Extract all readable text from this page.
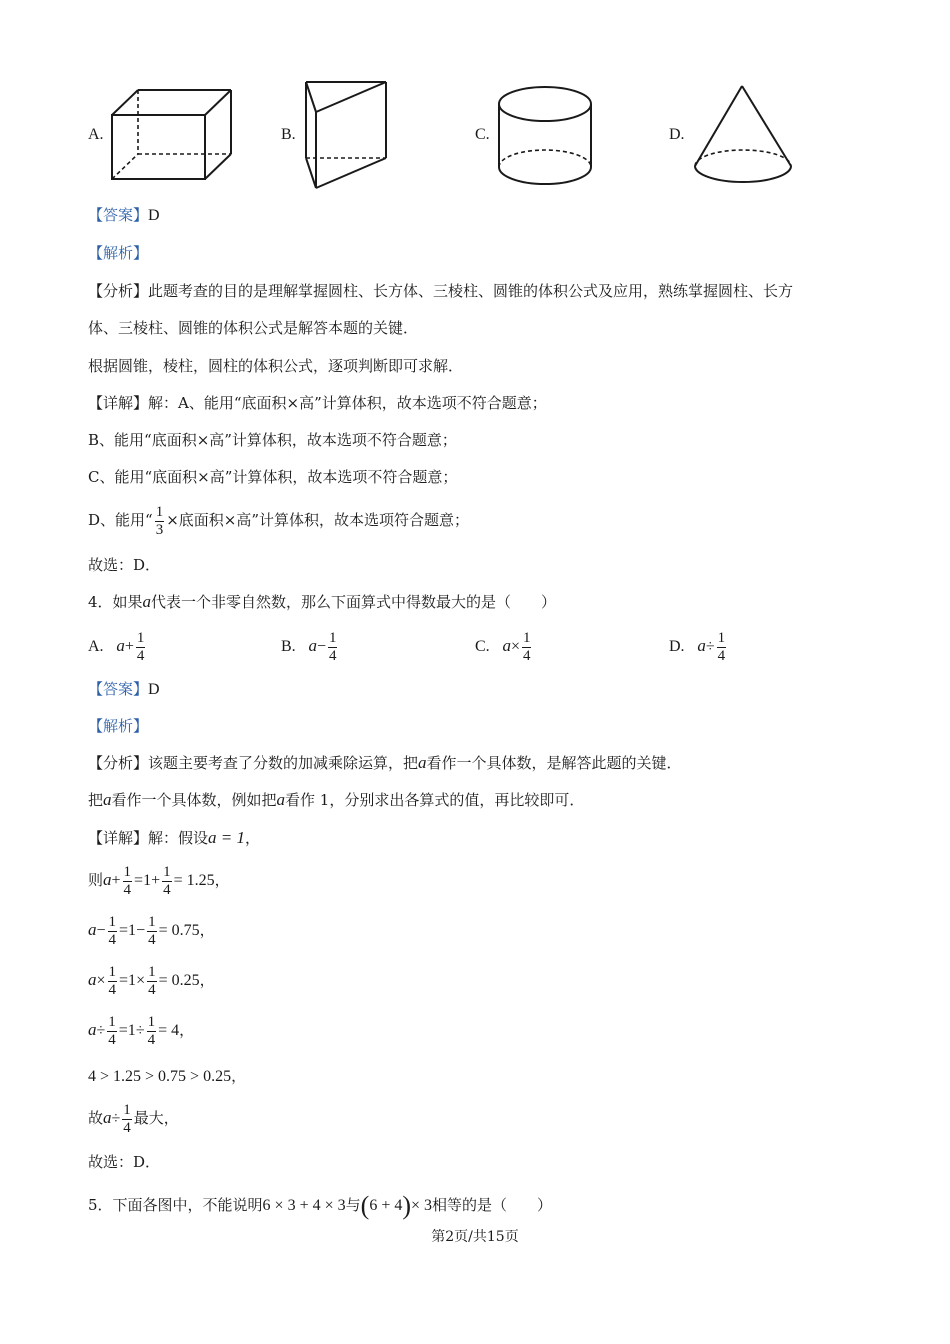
A.	B.	C.	D.
【答案】D
【解析】
【分析】此题考查的目的是理解掌握圆柱、长方体、三棱柱、圆锥的体积公式及应用，熟练掌握圆柱、长方
体、三棱柱、圆锥的体积公式是解答本题的关键．
根据圆锥，棱柱，圆柱的体积公式，逐项判断即可求解．
【详解】解：A、能用“底面积×高”计算体积，故本选项不符合题意；
B、能用“底面积×高”计算体积，故本选项不符合题意；
C、能用“底面积×高”计算体积，故本选项不符合题意；
D、能用“ $\frac{1}{3}$ ×底面积×高”计算体积，故本选项符合题意；
故选：D．
4．如果a代表一个非零自然数，那么下面算式中得数最大的是（　　）
A. $a+ \frac{1}{4}$	B. $a- \frac{1}{4}$	C. $a\times \frac{1}{4}$	D. $a\div \frac{1}{4}$
【答案】D
【解析】
【分析】该题主要考查了分数的加减乘除运算，把a看作一个具体数，是解答此题的关键．
把a看作一个具体数，例如把a看作 1，分别求出各算式的值，再比较即可．
【详解】解：假设a = 1，
则$a+ \frac{1}{4} =1+ \frac{1}{4} = 1.25$，
$a- \frac{1}{4} =1- \frac{1}{4} = 0.75$，
$a\times \frac{1}{4} =1\times \frac{1}{4} = 0.25$，
$a\div \frac{1}{4} =1\div \frac{1}{4} = 4$，
4 > 1.25 > 0.75 > 0.25，
故$a\div \frac{1}{4}$ 最大，
故选：D．
5．下面各图中，不能说明6 × 3 + 4 × 3与(6 + 4)× 3相等的是（　　）
第2页/共15页
